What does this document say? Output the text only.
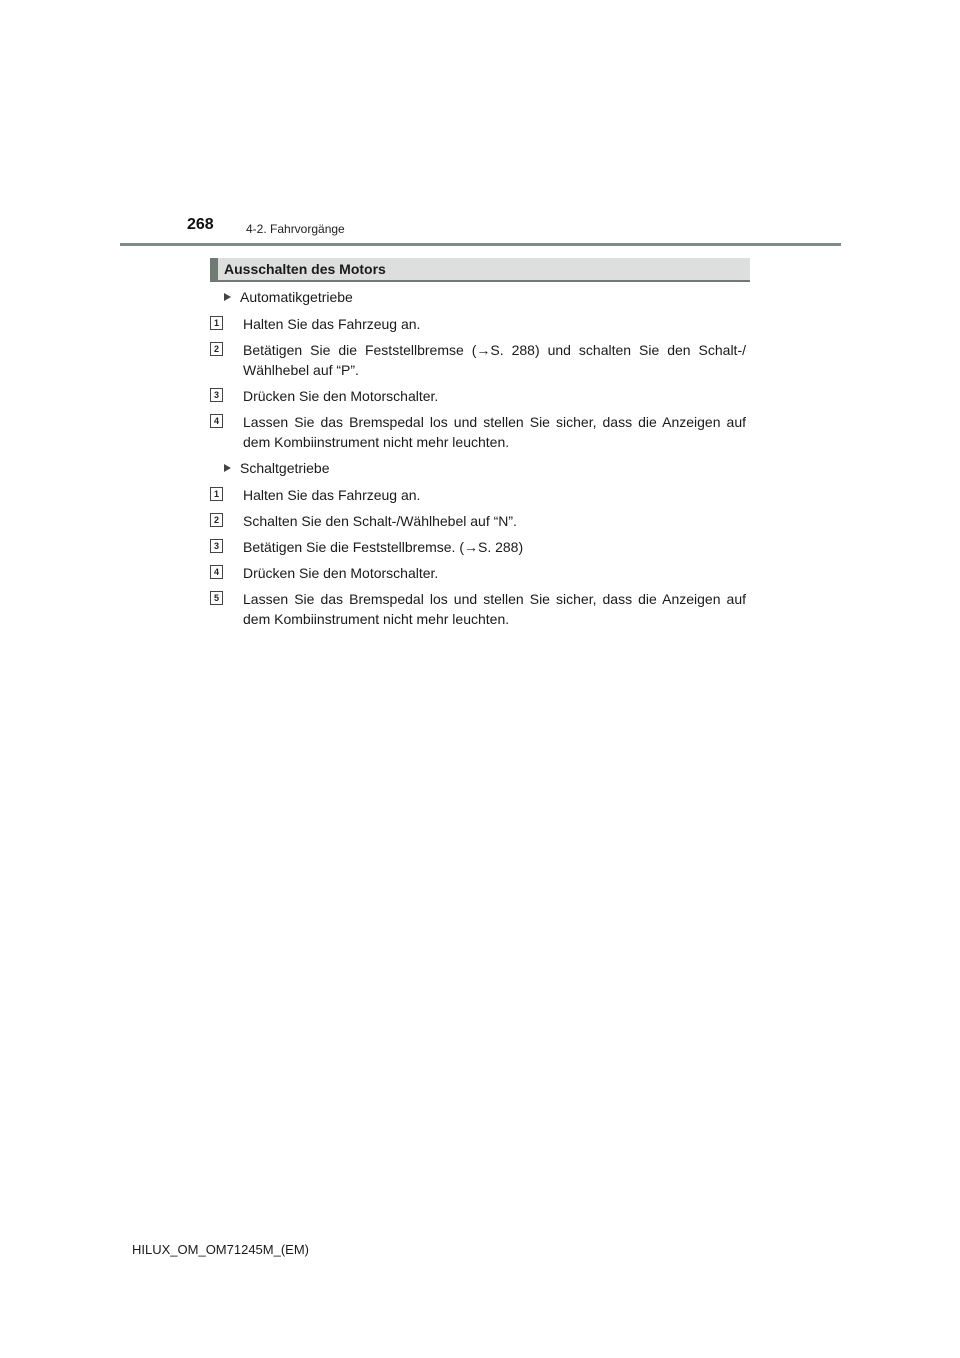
268	4-2. Fahrvorgänge
Ausschalten des Motors
Automatikgetriebe
1 Halten Sie das Fahrzeug an.
2 Betätigen Sie die Feststellbremse (→S. 288) und schalten Sie den Schalt-/ Wählhebel auf “P”.
3 Drücken Sie den Motorschalter.
4 Lassen Sie das Bremspedal los und stellen Sie sicher, dass die Anzeigen auf dem Kombiinstrument nicht mehr leuchten.
Schaltgetriebe
1 Halten Sie das Fahrzeug an.
2 Schalten Sie den Schalt-/Wählhebel auf “N”.
3 Betätigen Sie die Feststellbremse. (→S. 288)
4 Drücken Sie den Motorschalter.
5 Lassen Sie das Bremspedal los und stellen Sie sicher, dass die Anzeigen auf dem Kombiinstrument nicht mehr leuchten.
HILUX_OM_OM71245M_(EM)
